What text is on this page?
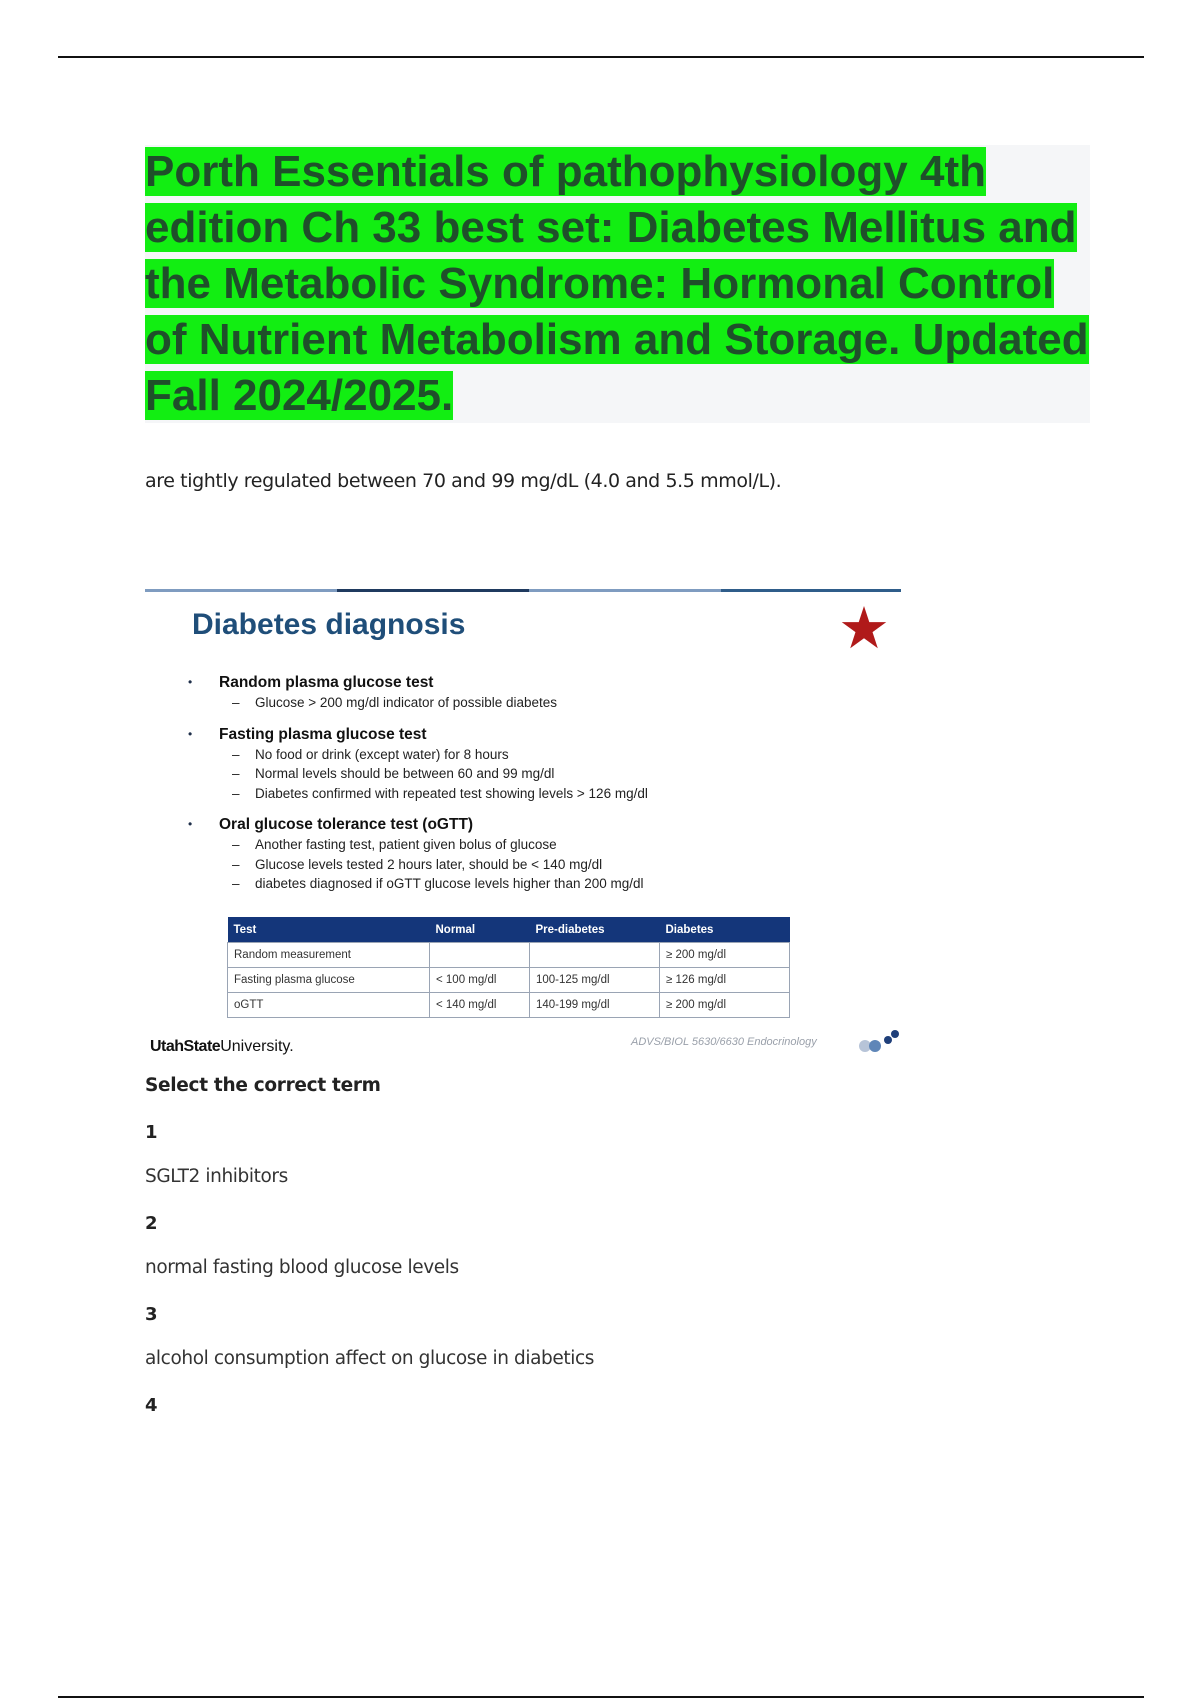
Porth Essentials of pathophysiology 4th edition Ch 33 best set: Diabetes Mellitus and the Metabolic Syndrome: Hormonal Control of Nutrient Metabolism and Storage. Updated Fall 2024/2025.

are tightly regulated between 70 and 99 mg/dL (4.0 and 5.5 mmol/L).

Diabetes diagnosis	★
• Random plasma glucose test
– Glucose > 200 mg/dl indicator of possible diabetes
• Fasting plasma glucose test
– No food or drink (except water) for 8 hours
– Normal levels should be between 60 and 99 mg/dl
– Diabetes confirmed with repeated test showing levels > 126 mg/dl
• Oral glucose tolerance test (oGTT)
– Another fasting test, patient given bolus of glucose
– Glucose levels tested 2 hours later, should be < 140 mg/dl
– diabetes diagnosed if oGTT glucose levels higher than 200 mg/dl
Test	Normal	Pre-diabetes	Diabetes
Random measurement			≥ 200 mg/dl
Fasting plasma glucose	< 100 mg/dl	100-125 mg/dl	≥ 126 mg/dl
oGTT	< 140 mg/dl	140-199 mg/dl	≥ 200 mg/dl
UtahStateUniversity.	ADVS/BIOL 5630/6630 Endocrinology

Select the correct term

1

SGLT2 inhibitors

2

normal fasting blood glucose levels

3

alcohol consumption affect on glucose in diabetics

4
